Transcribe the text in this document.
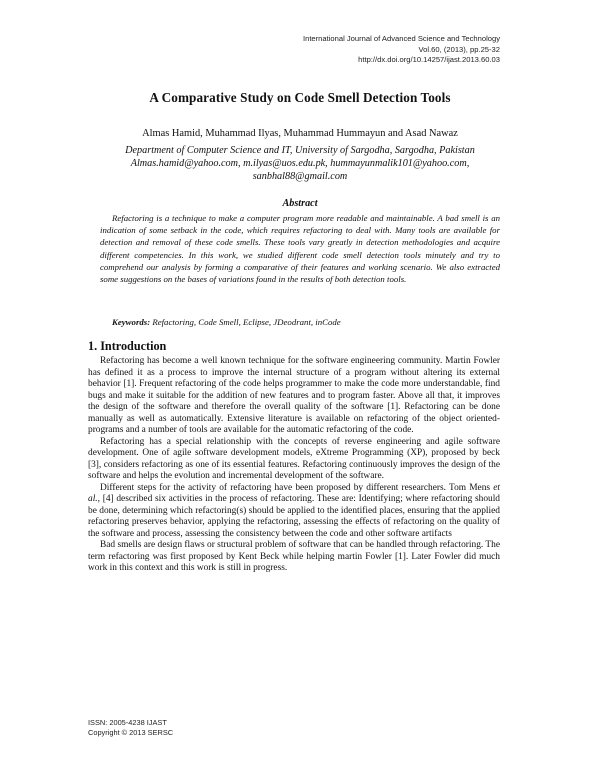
International Journal of Advanced Science and Technology
Vol.60, (2013), pp.25-32
http://dx.doi.org/10.14257/ijast.2013.60.03
A Comparative Study on Code Smell Detection Tools
Almas Hamid, Muhammad Ilyas, Muhammad Hummayun and Asad Nawaz
Department of Computer Science and IT, University of Sargodha, Sargodha, Pakistan
Almas.hamid@yahoo.com, m.ilyas@uos.edu.pk, hummayunmalik101@yahoo.com,
sanbhal88@gmail.com
Abstract
Refactoring is a technique to make a computer program more readable and maintainable. A bad smell is an indication of some setback in the code, which requires refactoring to deal with. Many tools are available for detection and removal of these code smells. These tools vary greatly in detection methodologies and acquire different competencies. In this work, we studied different code smell detection tools minutely and try to comprehend our analysis by forming a comparative of their features and working scenario. We also extracted some suggestions on the bases of variations found in the results of both detection tools.
Keywords: Refactoring, Code Smell, Eclipse, JDeodrant, inCode
1. Introduction

Refactoring has become a well known technique for the software engineering community. Martin Fowler has defined it as a process to improve the internal structure of a program without altering its external behavior [1]. Frequent refactoring of the code helps programmer to make the code more understandable, find bugs and make it suitable for the addition of new features and to program faster. Above all that, it improves the design of the software and therefore the overall quality of the software [1]. Refactoring can be done manually as well as automatically. Extensive literature is available on refactoring of the object oriented-programs and a number of tools are available for the automatic refactoring of the code.

Refactoring has a special relationship with the concepts of reverse engineering and agile software development. One of agile software development models, eXtreme Programming (XP), proposed by beck [3], considers refactoring as one of its essential features. Refactoring continuously improves the design of the software and helps the evolution and incremental development of the software.

Different steps for the activity of refactoring have been proposed by different researchers. Tom Mens et al., [4] described six activities in the process of refactoring. These are: Identifying; where refactoring should be done, determining which refactoring(s) should be applied to the identified places, ensuring that the applied refactoring preserves behavior, applying the refactoring, assessing the effects of refactoring on the quality of the software and process, assessing the consistency between the code and other software artifacts

Bad smells are design flaws or structural problem of software that can be handled through refactoring. The term refactoring was first proposed by Kent Beck while helping martin Fowler [1]. Later Fowler did much work in this context and this work is still in progress.

ISSN: 2005-4238 IJAST
Copyright © 2013 SERSC
